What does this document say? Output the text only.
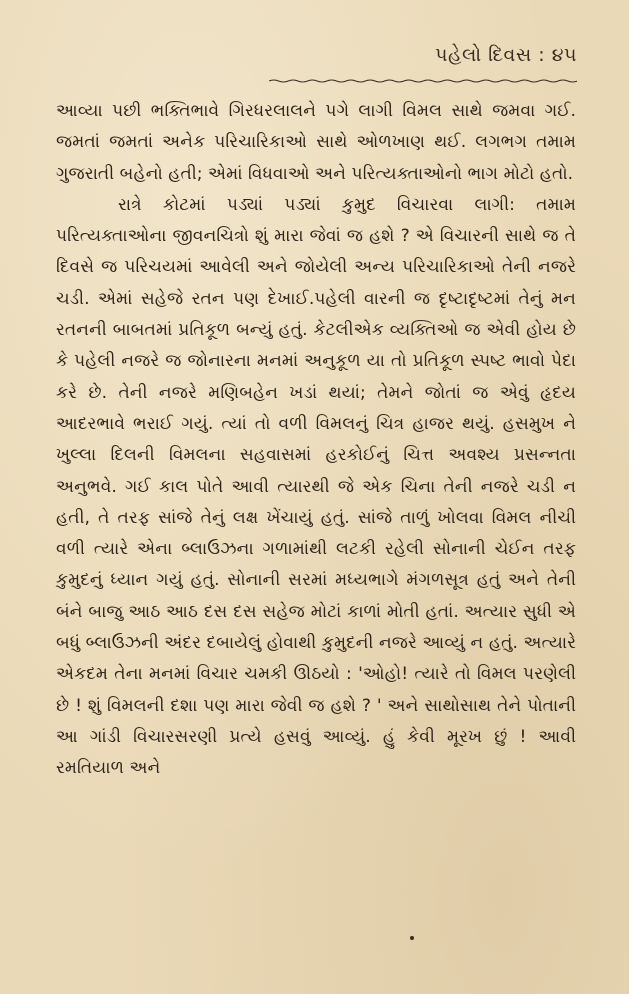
પહેલો દિવસ : ૪૫

આવ્યા પછી ભક્તિભાવે ગિરધરલાલને પગે લાગી વિમલ સાથે જમવા ગઈ. જમતાં જમતાં અનેક પરિચારિકાઓ સાથે ઓળખાણ થઈ. લગભગ તમામ ગુજરાતી બહેનો હતી; એમાં વિધવાઓ અને પરિત્યક્તાઓનો ભાગ મોટો હતો.

રાત્રે કોટમાં પડ્યાં પડ્યાં કુમુદ વિચારવા લાગી: તમામ પરિત્યક્તાઓના જીવનચિત્રો શું મારા જેવાં જ હશે ? એ વિચારની સાથે જ તે દિવસે જ પરિચયમાં આવેલી અને જોયેલી અન્ય પરિચારિકાઓ તેની નજરે ચડી. એમાં સહેજે રતન પણ દેખાઈ.પહેલી વારની જ દૃષ્ટાદૃષ્ટમાં તેનું મન રતનની બાબતમાં પ્રતિકૂળ બન્યું હતું. કેટલીએક વ્યક્તિઓ જ એવી હોય છે કે પહેલી નજરે જ જોનારના મનમાં અનુકૂળ યા તો પ્રતિકૂળ સ્પષ્ટ ભાવો પેદા કરે છે. તેની નજરે મણિબહેન ખડાં થયાં; તેમને જોતાં જ એવું હૃદય આદરભાવે ભરાઈ ગયું. ત્યાં તો વળી વિમલનું ચિત્ર હાજર થયું. હસમુખ ને ખુલ્લા દિલની વિમલના સહવાસમાં હરકોઈનું ચિત્ત અવશ્ય પ્રસન્નતા અનુભવે. ગઈ કાલ પોતે આવી ત્યારથી જે એક ચિના તેની નજરે ચડી ન હતી, તે તરફ સાંજે તેનું લક્ષ ખેંચાયું હતું. સાંજે તાળું ખોલવા વિમલ નીચી વળી ત્યારે એના બ્લાઉઝના ગળામાંથી લટકી રહેલી સોનાની ચેઈન તરફ કુમુદનું ધ્યાન ગયું હતું. સોનાની સરમાં મધ્યભાગે મંગળસૂત્ર હતું અને તેની બંને બાજુ આઠ આઠ દસ દસ સહેજ મોટાં કાળાં મોતી હતાં. અત્યાર સુધી એ બધું બ્લાઉઝની અંદર દબાયેલું હોવાથી કુમુદની નજરે આવ્યું ન હતું. અત્યારે એકદમ તેના મનમાં વિચાર ચમકી ઊઠયો : 'ઓહો! ત્યારે તો વિમલ પરણેલી છે ! શું વિમલની દશા પણ મારા જેવી જ હશે ? ' અને સાથોસાથ તેને પોતાની આ ગાંડી વિચારસરણી પ્રત્યે હસવું આવ્યું. હું કેવી મૂરખ છું ! આવી રમતિયાળ અને
